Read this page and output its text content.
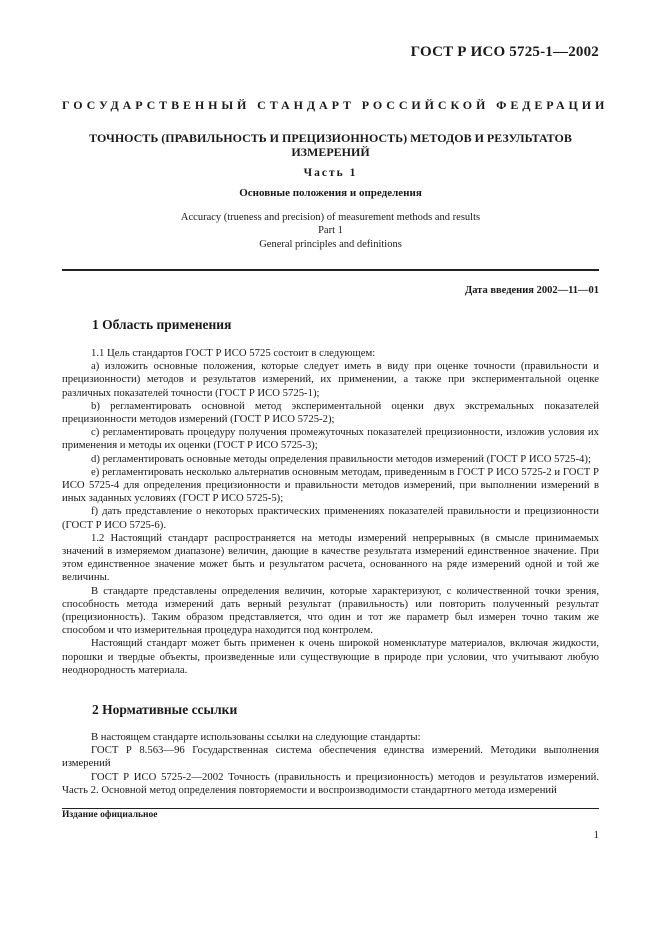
ГОСТ Р ИСО 5725-1—2002
ГОСУДАРСТВЕННЫЙ СТАНДАРТ РОССИЙСКОЙ ФЕДЕРАЦИИ
ТОЧНОСТЬ (ПРАВИЛЬНОСТЬ И ПРЕЦИЗИОННОСТЬ) МЕТОДОВ И РЕЗУЛЬТАТОВ ИЗМЕРЕНИЙ
Часть 1
Основные положения и определения
Accuracy (trueness and precision) of measurement methods and results
Part 1
General principles and definitions
Дата введения 2002—11—01
1 Область применения

1.1 Цель стандартов ГОСТ Р ИСО 5725 состоит в следующем:

а) изложить основные положения, которые следует иметь в виду при оценке точности (правильности и прецизионности) методов и результатов измерений, их применении, а также при экспериментальной оценке различных показателей точности (ГОСТ Р ИСО 5725-1);

b) регламентировать основной метод экспериментальной оценки двух экстремальных показателей прецизионности методов измерений (ГОСТ Р ИСО 5725-2);

с) регламентировать процедуру получения промежуточных показателей прецизионности, изложив условия их применения и методы их оценки (ГОСТ Р ИСО 5725-3);

d) регламентировать основные методы определения правильности методов измерений (ГОСТ Р ИСО 5725-4);

е) регламентировать несколько альтернатив основным методам, приведенным в ГОСТ Р ИСО 5725-2 и ГОСТ Р ИСО 5725-4 для определения прецизионности и правильности методов измерений, при выполнении измерений в иных заданных условиях (ГОСТ Р ИСО 5725-5);

f) дать представление о некоторых практических применениях показателей правильности и прецизионности (ГОСТ Р ИСО 5725-6).

1.2 Настоящий стандарт распространяется на методы измерений непрерывных (в смысле принимаемых значений в измеряемом диапазоне) величин, дающие в качестве результата измерений единственное значение. При этом единственное значение может быть и результатом расчета, основанного на ряде измерений одной и той же величины.

В стандарте представлены определения величин, которые характеризуют, с количественной точки зрения, способность метода измерений дать верный результат (правильность) или повторить полученный результат (прецизионность). Таким образом представляется, что один и тот же параметр был измерен точно таким же способом и что измерительная процедура находится под контролем.

Настоящий стандарт может быть применен к очень широкой номенклатуре материалов, включая жидкости, порошки и твердые объекты, произведенные или существующие в природе при условии, что учитывают любую неоднородность материала.

2 Нормативные ссылки

В настоящем стандарте использованы ссылки на следующие стандарты:

ГОСТ Р 8.563—96 Государственная система обеспечения единства измерений. Методики выполнения измерений

ГОСТ Р ИСО 5725-2—2002 Точность (правильность и прецизионность) методов и результатов измерений. Часть 2. Основной метод определения повторяемости и воспроизводимости стандартного метода измерений

Издание официальное
1
